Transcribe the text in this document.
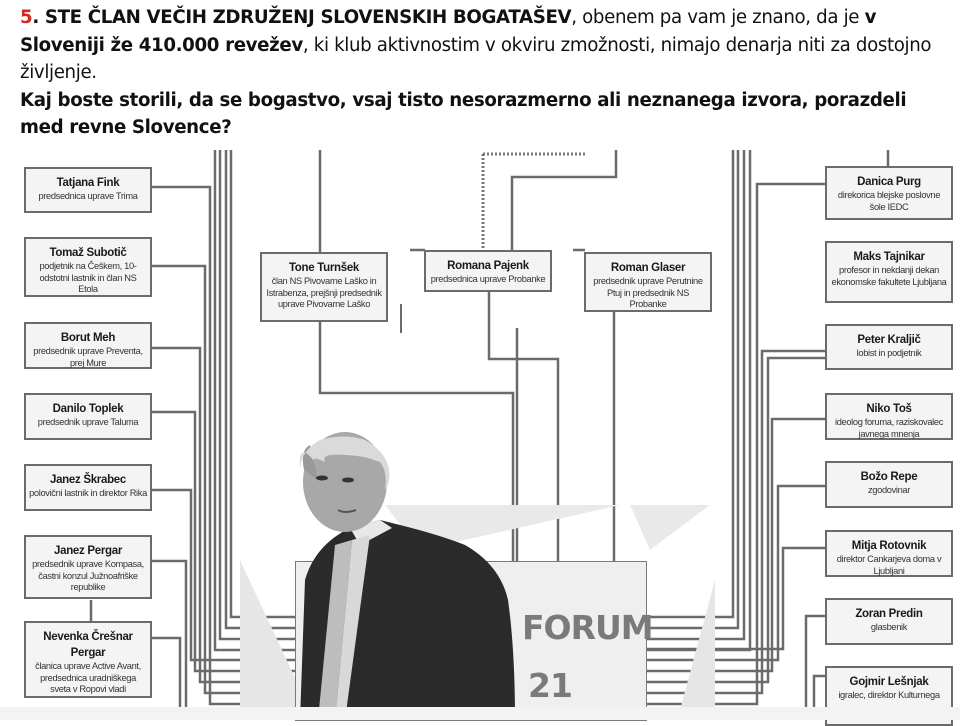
5. STE ČLAN VEČIH ZDRUŽENJ SLOVENSKIH BOGATAŠEV, obenem pa vam je znano, da je v Sloveniji že 410.000 revežev, ki klub aktivnostim v okviru zmožnosti, nimajo denarja niti za dostojno življenje.

Kaj boste storili, da se bogastvo, vsaj tisto nesorazmerno ali neznanega izvora, porazdeli med revne Slovence?

Tatjana Fink
predsednica uprave Trima
Tomaž Subotič
podjetnik na Češkem, 10-odstotni lastnik in član NS Etola
Borut Meh
predsednik uprave Preventa, prej Mure
Danilo Toplek
predsednik uprave Taluma
Janez Škrabec
polovični lastnik in direktor Rika
Janez Pergar
predsednik uprave Kompasa, častni konzul Južnoafriške republike
Nevenka Črešnar Pergar
članica uprave Active Avant, predsednica uradniškega sveta v Ropovi vladi
Tone Turnšek
član NS Pivovarne Laško in Istrabenza, prejšnji predsednik uprave Pivovarne Laško
Romana Pajenk
predsednica uprave Probanke
Roman Glaser
predsednik uprave Perutnine Ptuj in predsednik NS Probanke
Danica Purg
direkorica blejske poslovne šole IEDC
Maks Tajnikar
profesor in nekdanji dekan ekonomske fakultete Ljubljana
Peter Kraljič
lobist in podjetnik
Niko Toš
ideolog foruma, raziskovalec javnega mnenja
Božo Repe
zgodovinar
Mitja Rotovnik
direktor Cankarjeva doma v Ljubljani
Zoran Predin
glasbenik
Gojmir Lešnjak
igralec, direktor Kulturnega
FORUM
21
